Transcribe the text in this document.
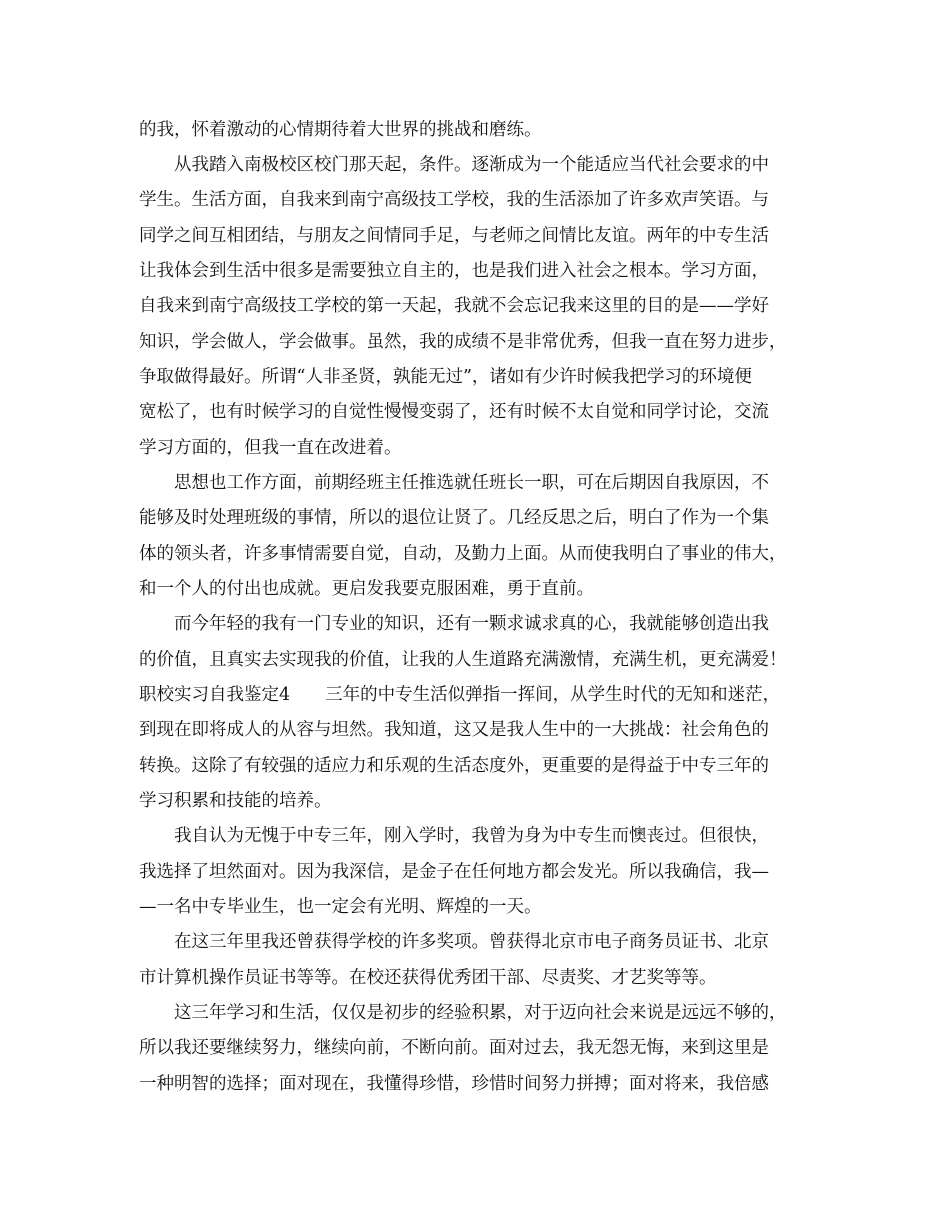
的我，怀着激动的心情期待着大世界的挑战和磨练。
从我踏入南极校区校门那天起，条件。逐渐成为一个能适应当代社会要求的中
学生。生活方面，自我来到南宁高级技工学校，我的生活添加了许多欢声笑语。与
同学之间互相团结，与朋友之间情同手足，与老师之间情比友谊。两年的中专生活
让我体会到生活中很多是需要独立自主的，也是我们进入社会之根本。学习方面，
自我来到南宁高级技工学校的第一天起，我就不会忘记我来这里的目的是——学好
知识，学会做人，学会做事。虽然，我的成绩不是非常优秀，但我一直在努力进步，
争取做得最好。所谓“人非圣贤，孰能无过”，诸如有少许时候我把学习的环境便
宽松了，也有时候学习的自觉性慢慢变弱了，还有时候不太自觉和同学讨论，交流
学习方面的，但我一直在改进着。
思想也工作方面，前期经班主任推选就任班长一职，可在后期因自我原因，不
能够及时处理班级的事情，所以的退位让贤了。几经反思之后，明白了作为一个集
体的领头者，许多事情需要自觉，自动，及勤力上面。从而使我明白了事业的伟大，
和一个人的付出也成就。更启发我要克服困难，勇于直前。
而今年轻的我有一门专业的知识，还有一颗求诚求真的心，我就能够创造出我
的价值，且真实去实现我的价值，让我的人生道路充满激情，充满生机，更充满爱！
职校实习自我鉴定4　　三年的中专生活似弹指一挥间，从学生时代的无知和迷茫，
到现在即将成人的从容与坦然。我知道，这又是我人生中的一大挑战：社会角色的
转换。这除了有较强的适应力和乐观的生活态度外，更重要的是得益于中专三年的
学习积累和技能的培养。
我自认为无愧于中专三年，刚入学时，我曾为身为中专生而懊丧过。但很快，
我选择了坦然面对。因为我深信，是金子在任何地方都会发光。所以我确信，我—
—一名中专毕业生，也一定会有光明、辉煌的一天。
在这三年里我还曾获得学校的许多奖项。曾获得北京市电子商务员证书、北京
市计算机操作员证书等等。在校还获得优秀团干部、尽责奖、才艺奖等等。
这三年学习和生活，仅仅是初步的经验积累，对于迈向社会来说是远远不够的，
所以我还要继续努力，继续向前，不断向前。面对过去，我无怨无悔，来到这里是
一种明智的选择；面对现在，我懂得珍惜，珍惜时间努力拼搏；面对将来，我倍感
